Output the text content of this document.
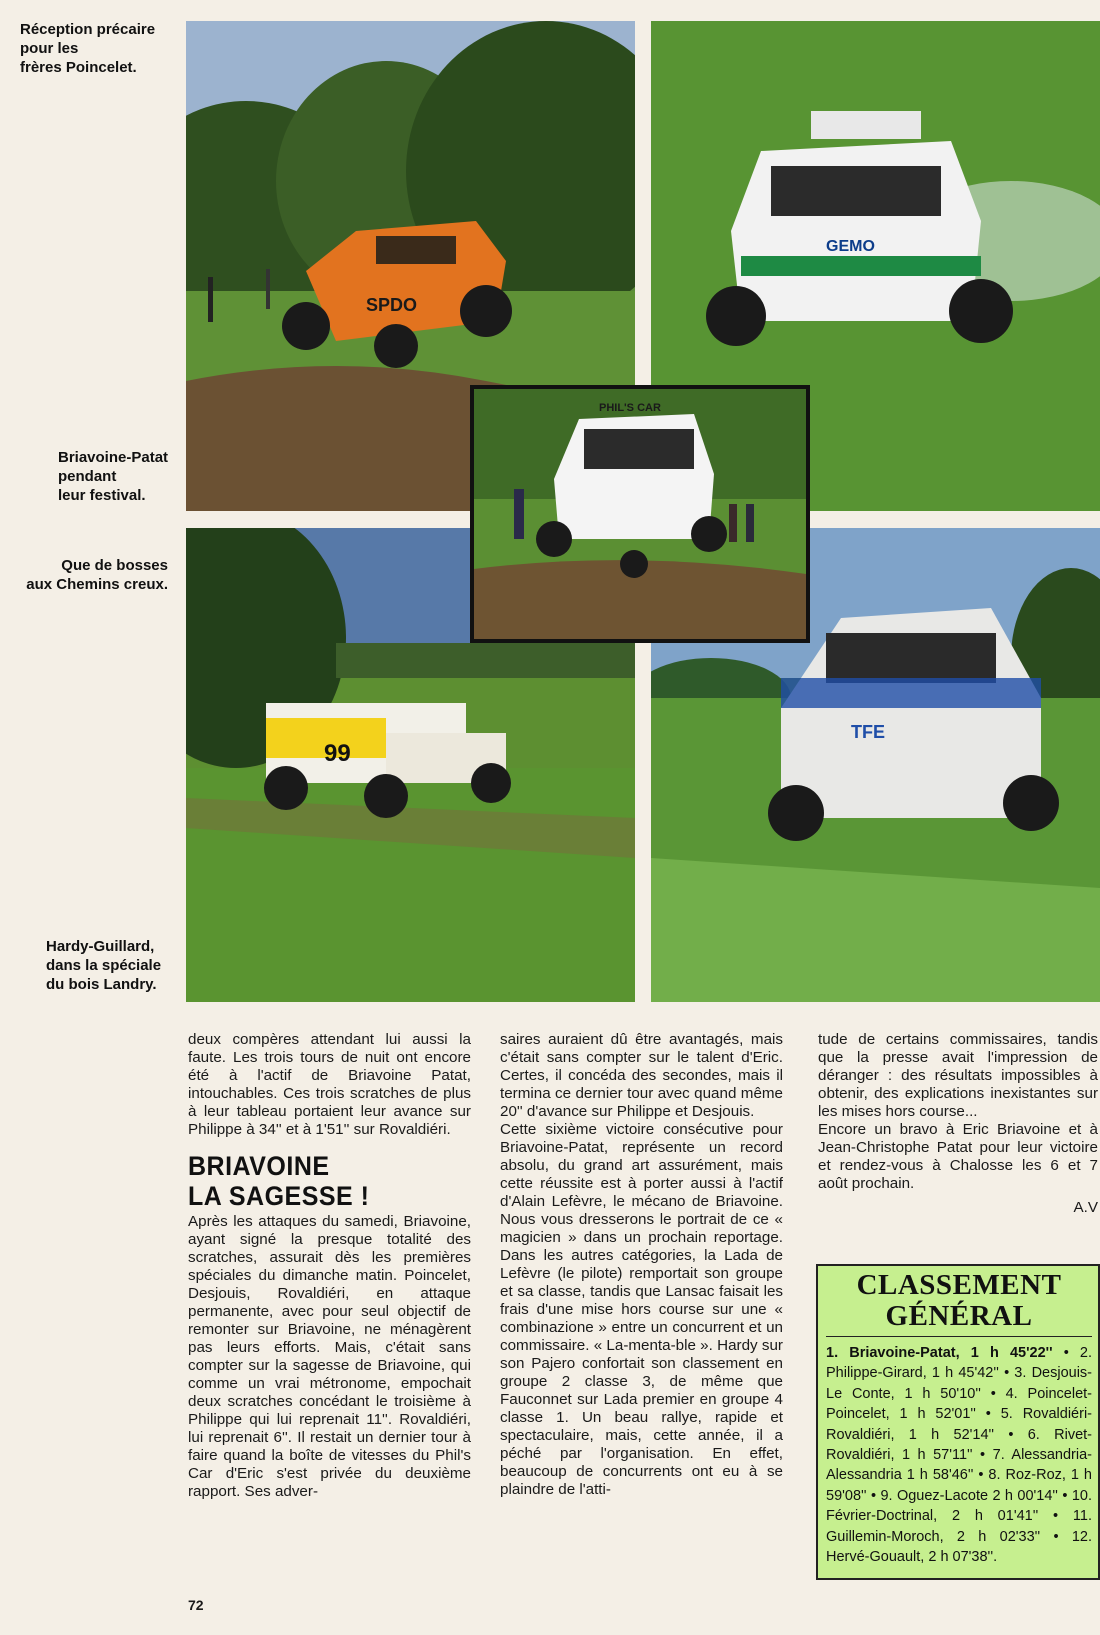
Réception précaire
pour les
frères Poincelet.
Briavoine-Patat
pendant
leur festival.
Que de bosses
aux Chemins creux.
Hardy-Guillard,
dans la spéciale
du bois Landry.
SPDO
GEMO
99
TFE
PHIL'S CAR

deux compères attendant lui aussi la faute. Les trois tours de nuit ont encore été à l'actif de Briavoine Patat, intouchables. Ces trois scratches de plus à leur tableau portaient leur avance sur Philippe à 34'' et à 1'51'' sur Rovaldiéri.

BRIAVOINE
LA SAGESSE !

Après les attaques du samedi, Briavoine, ayant signé la presque totalité des scratches, assurait dès les premières spéciales du dimanche matin. Poincelet, Desjouis, Rovaldiéri, en attaque permanente, avec pour seul objectif de remonter sur Briavoine, ne ménagèrent pas leurs efforts. Mais, c'était sans compter sur la sagesse de Briavoine, qui comme un vrai métronome, empochait deux scratches concédant le troisième à Philippe qui lui reprenait 11''. Rovaldiéri, lui reprenait 6''. Il restait un dernier tour à faire quand la boîte de vitesses du Phil's Car d'Eric s'est privée du deuxième rapport. Ses adver-

saires auraient dû être avantagés, mais c'était sans compter sur le talent d'Eric. Certes, il concéda des secondes, mais il termina ce dernier tour avec quand même 20'' d'avance sur Philippe et Desjouis.

Cette sixième victoire consécutive pour Briavoine-Patat, représente un record absolu, du grand art assurément, mais cette réussite est à porter aussi à l'actif d'Alain Lefèvre, le mécano de Briavoine. Nous vous dresserons le portrait de ce « magicien » dans un prochain reportage. Dans les autres catégories, la Lada de Lefèvre (le pilote) remportait son groupe et sa classe, tandis que Lansac faisait les frais d'une mise hors course sur une « combinazione » entre un concurrent et un commissaire. « La-menta-ble ». Hardy sur son Pajero confortait son classement en groupe 2 classe 3, de même que Fauconnet sur Lada premier en groupe 4 classe 1. Un beau rallye, rapide et spectaculaire, mais, cette année, il a péché par l'organisation. En effet, beaucoup de concurrents ont eu à se plaindre de l'atti-

tude de certains commissaires, tandis que la presse avait l'impression de déranger : des résultats impossibles à obtenir, des explications inexistantes sur les mises hors course...

Encore un bravo à Eric Briavoine et à Jean-Christophe Patat pour leur victoire et rendez-vous à Chalosse les 6 et 7 août prochain.

A.V
CLASSEMENT
GÉNÉRAL
1. Briavoine-Patat, 1 h 45'22'' • 2. Philippe-Girard, 1 h 45'42'' • 3. Desjouis-Le Conte, 1 h 50'10'' • 4. Poincelet-Poincelet, 1 h 52'01'' • 5. Rovaldiéri-Rovaldiéri, 1 h 52'14'' • 6. Rivet-Rovaldiéri, 1 h 57'11'' • 7. Alessandria-Alessandria 1 h 58'46'' • 8. Roz-Roz, 1 h 59'08'' • 9. Oguez-Lacote 2 h 00'14'' • 10. Février-Doctrinal, 2 h 01'41'' • 11. Guillemin-Moroch, 2 h 02'33'' • 12. Hervé-Gouault, 2 h 07'38''.
72
